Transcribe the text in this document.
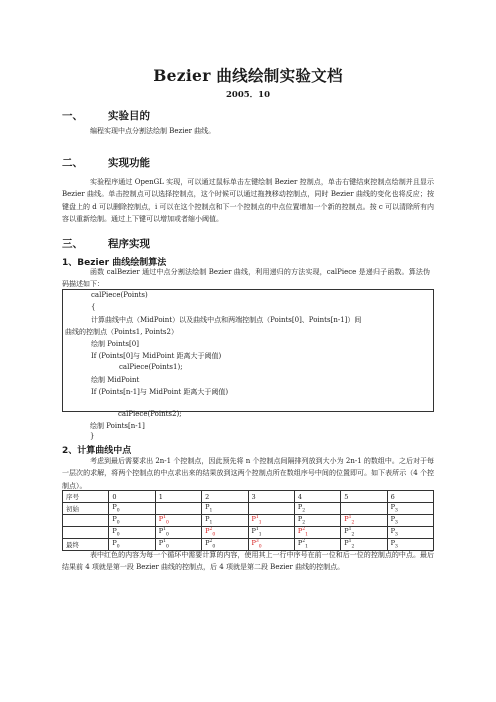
Bezier 曲线绘制实验文档
2005．10
一、 实验目的
编程实现中点分割法绘制 Bezier 曲线。
二、 实现功能
实验程序通过 OpenGL 实现，可以通过鼠标单击左键绘制 Bezier 控制点，单击右键结束控制点绘制并且显示 Bezier 曲线。单击控制点可以选择控制点，这个时候可以通过拖拽移动控制点，同时 Bezier 曲线的变化也将反应；按键盘上的 d 可以删除控制点，i 可以在这个控制点和下一个控制点的中点位置增加一个新的控制点。按 c 可以清除所有内容以重新绘制。通过上下键可以增加或者缩小阈值。
三、 程序实现
1、Bezier 曲线绘制算法
函数 calBezier 通过中点分割法绘制 Bezier 曲线，利用递归的方法实现，calPiece 是递归子函数。算法伪码描述如下：
calPiece(Points)
{
计算曲线中点（MidPoint）以及曲线中点和两端控制点（Points[0]、Points[n-1]）间
曲线的控制点（Points1, Points2）
绘制 Points[0]
If (Points[0]与 MidPoint 距离大于阈值)
calPiece(Points1);
绘制 MidPoint
If (Points[n-1]与 MidPoint 距离大于阈值)
calPiece(Points2);
绘制 Points[n-1]
}
2、计算曲线中点
考虑到最后需要求出 2n-1 个控制点，因此预先将 n 个控制点间隔排列放到大小为 2n-1 的数组中。之后对于每一层次的求解，将两个控制点的中点求出来的结果放到这两个控制点所在数组序号中间的位置即可。如下表所示（4 个控制点）。
序号	0	1	2	3	4	5	6
初始	$P_0$		$P_1$		$P_2$		$P_3$
	$P_0$	$P^1_0$	$P_1$	$P^1_1$	$P_2$	$P^1_2$	$P_3$
	$P_0$	$P^1_0$	$P^2_0$	$P^1_1$	$P^2_1$	$P^1_2$	$P_3$
最终	$P_0$	$P^1_0$	$P^2_0$	$P^3_0$	$P^2_1$	$P^1_2$	$P_3$
表中红色的内容为每一个循环中需要计算的内容，使用其上一行中序号在前一位和后一位的控制点的中点。最后结果前 4 项就是第一段 Bezier 曲线的控制点，后 4 项就是第二段 Bezier 曲线的控制点。
